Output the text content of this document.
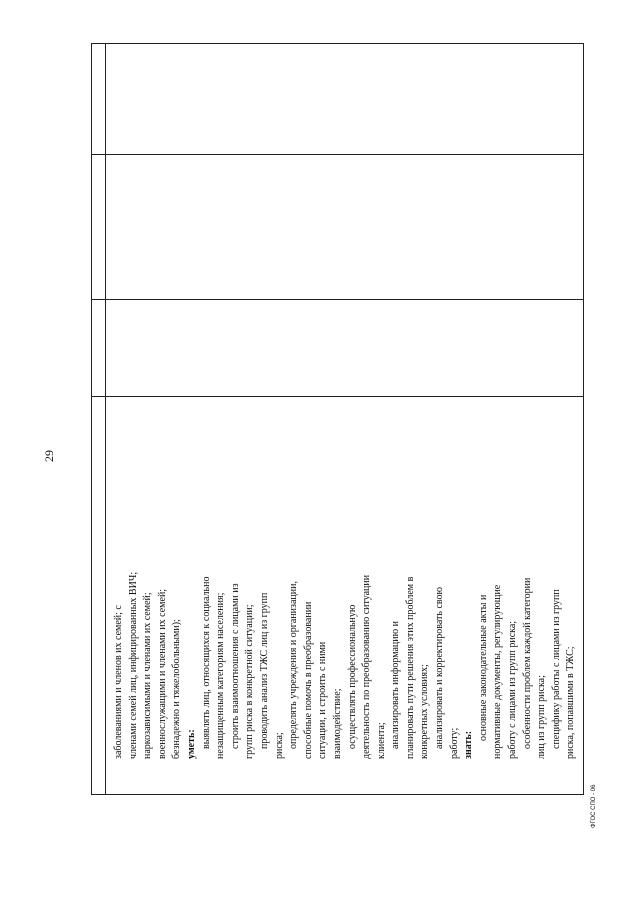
29
заболеваниями и членов их семей; с членами семей лиц, инфицированных ВИЧ; наркозависимыми и членами их семей; военнослужащими и членами их семей; безнадежно и тяжелобольными); уметь: выявлять лиц, относящихся к социально незащищенным категориям населения; строить взаимоотношения с лицами из групп риска в конкретной ситуации; проводить анализ ТЖС лиц из групп риска; определять учреждения и организации, способные помочь в преобразовании ситуации, и строить с ними взаимодействие; осуществлять профессиональную деятельность по преобразованию ситуации клиента; анализировать информацию и планировать пути решения этих проблем в конкретных условиях; анализировать и корректировать свою работу; знать:
основные законодательные акты и нормативные документы, регулирующие работу с лицами из групп риска; особенности проблем каждой категории лиц из групп риска; специфику работы с лицами из групп риска, попавшими в ТЖС;
ФГОС СПО - 06
